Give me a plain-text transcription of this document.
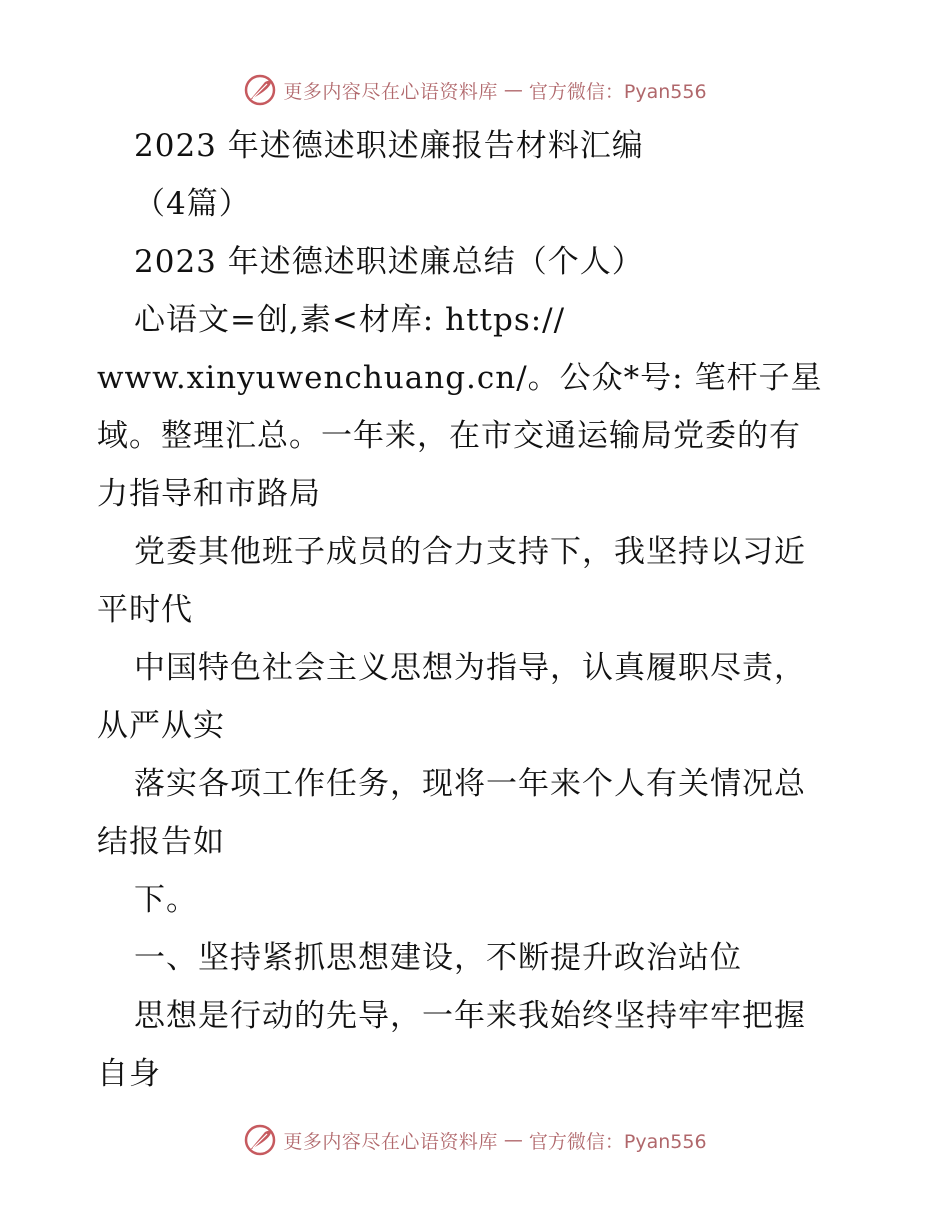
更多内容尽在心语资料库 — 官方微信：Pyan556
2023 年述德述职述廉报告材料汇编
（4篇）
2023 年述德述职述廉总结（个人）
心语文=创,素<材库: https://
www.xinyuwenchuang.cn/。公众*号: 笔杆子星
域。整理汇总。一年来，在市交通运输局党委的有
力指导和市路局
党委其他班子成员的合力支持下，我坚持以习近
平时代
中国特色社会主义思想为指导，认真履职尽责，
从严从实
落实各项工作任务，现将一年来个人有关情况总
结报告如
下。
一、坚持紧抓思想建设，不断提升政治站位
思想是行动的先导，一年来我始终坚持牢牢把握
自身
更多内容尽在心语资料库 — 官方微信：Pyan556
